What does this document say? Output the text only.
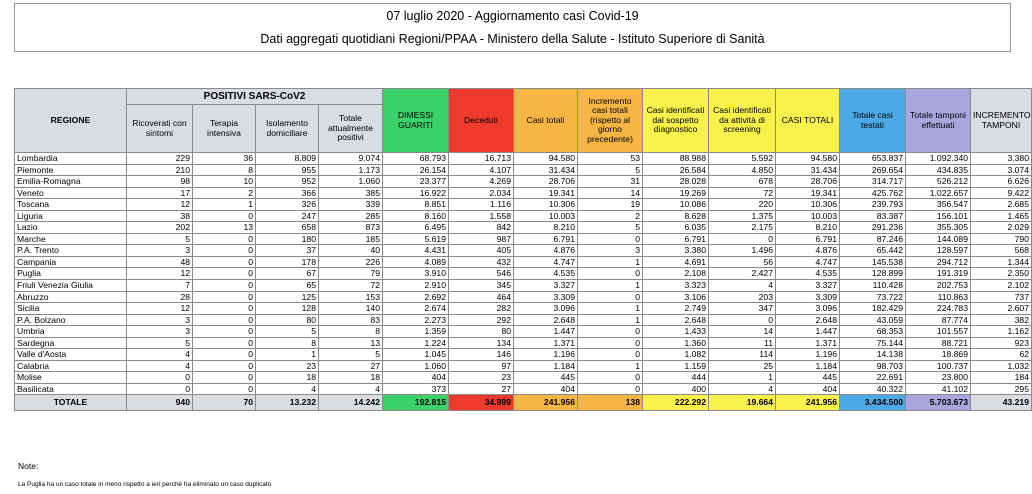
07 luglio 2020 - Aggiornamento casi Covid-19
Dati aggregati quotidiani Regioni/PPAA - Ministero della Salute - Istituto Superiore di Sanità
REGIONE	POSITIVI SARS-CoV2				DIMESSI GUARITI	Deceduti	Casi totali	Incremento casi totali (rispetto al giorno precedente)	Casi identificati dal sospetto diagnostico	Casi identificati da attività di screening	CASI TOTALI	Totale casi testati	Totale tamponi effettuati	INCREMENTO TAMPONI
	Ricoverati con sintomi	Terapia intensiva	Isolamento domiciliare	Totale attualmente positivi										
Lombardia	229	36	8.809	9.074	68.793	16.713	94.580	53	88.988	5.592	94.580	653.837	1.092.340	3.380
Piemonte	210	8	955	1.173	26.154	4.107	31.434	5	26.584	4.850	31.434	269.654	434.835	3.074
Emilia-Romagna	98	10	952	1.060	23.377	4.269	28.706	31	28.028	678	28.706	314.717	526.212	6.626
Veneto	17	2	366	385	16.922	2.034	19.341	14	19.269	72	19.341	425.762	1.022.657	9.422
Toscana	12	1	326	339	8.851	1.116	10.306	19	10.086	220	10.306	239.793	356.547	2.685
Liguria	38	0	247	285	8.160	1.558	10.003	2	8.628	1.375	10.003	83.387	156.101	1.465
Lazio	202	13	658	873	6.495	842	8.210	5	6.035	2.175	8.210	291.236	355.305	2.029
Marche	5	0	180	185	5.619	987	6.791	0	6.791	0	6.791	87.246	144.089	790
P.A. Trento	3	0	37	40	4.431	405	4.876	3	3.380	1.496	4.876	65.442	128.597	568
Campania	48	0	178	226	4.089	432	4.747	1	4.691	56	4.747	145.538	294.712	1.344
Puglia	12	0	67	79	3.910	546	4.535	0	2.108	2.427	4.535	128.899	191.319	2.350
Friuli Venezia Giulia	7	0	65	72	2.910	345	3.327	1	3.323	4	3.327	110.428	202.753	2.102
Abruzzo	28	0	125	153	2.692	464	3.309	0	3.106	203	3.309	73.722	110.863	737
Sicilia	12	0	128	140	2.674	282	3.096	1	2.749	347	3.096	182.429	224.783	2.607
P.A. Bolzano	3	0	80	83	2.273	292	2.648	1	2.648	0	2.648	43.059	87.774	382
Umbria	3	0	5	8	1.359	80	1.447	0	1.433	14	1.447	68.353	101.557	1.162
Sardegna	5	0	8	13	1.224	134	1.371	0	1.360	11	1.371	75.144	88.721	923
Valle d'Aosta	4	0	1	5	1.045	146	1.196	0	1.082	114	1.196	14.138	18.869	62
Calabria	4	0	23	27	1.060	97	1.184	1	1.159	25	1.184	98.703	100.737	1.032
Molise	0	0	18	18	404	23	445	0	444	1	445	22.691	23.800	184
Basilicata	0	0	4	4	373	27	404	0	400	4	404	40.322	41.102	295
TOTALE	940	70	13.232	14.242	192.815	34.899	241.956	138	222.292	19.664	241.956	3.434.500	5.703.673	43.219
Note:
La Puglia ha un caso totale in meno rispetto a ieri perché ha eliminato un caso duplicato
